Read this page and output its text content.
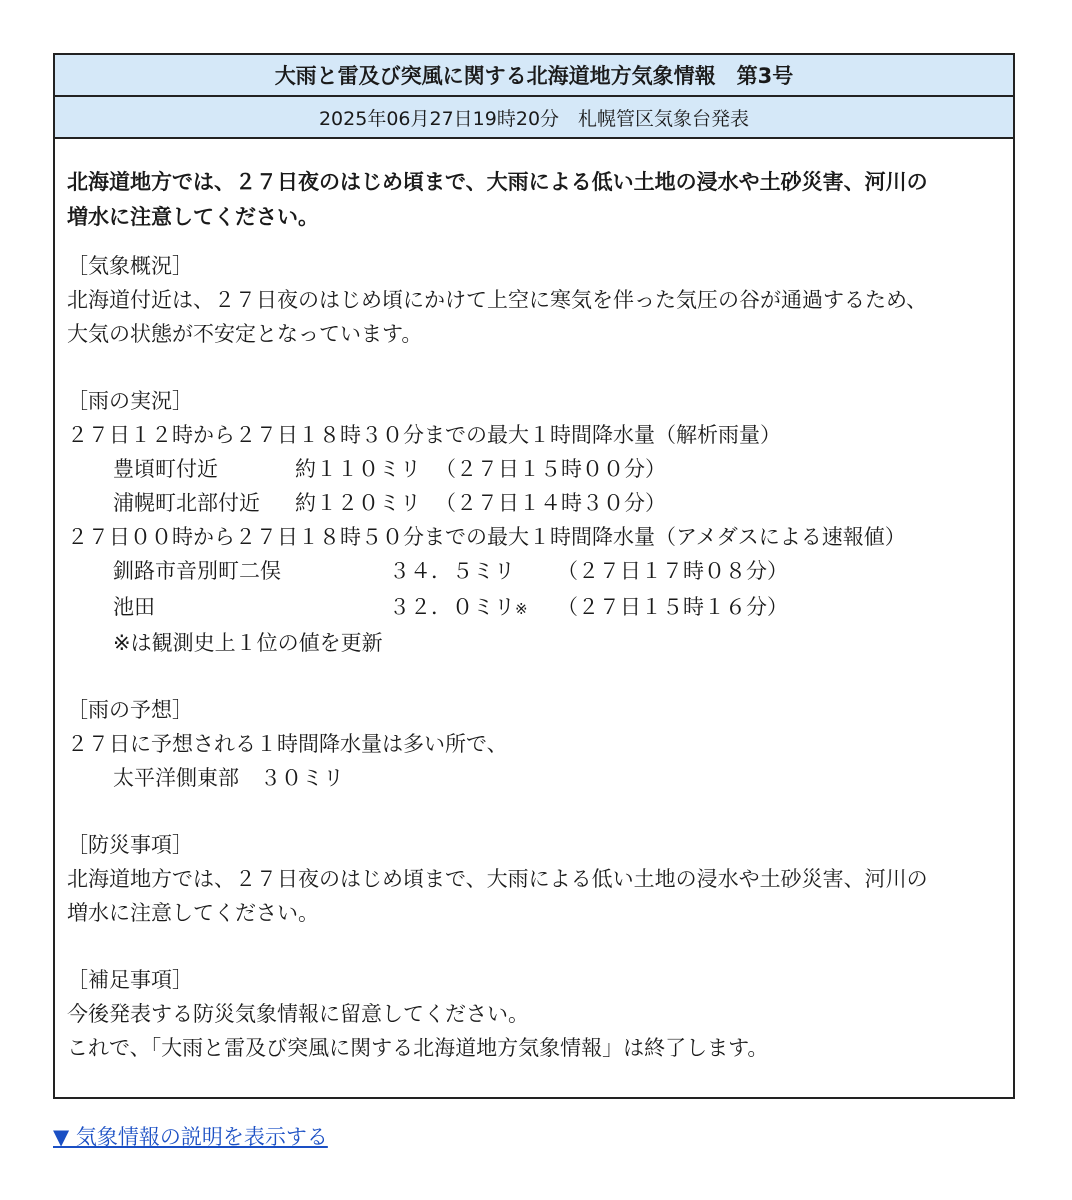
大雨と雷及び突風に関する北海道地方気象情報　第3号
2025年06月27日19時20分　札幌管区気象台発表
北海道地方では、２７日夜のはじめ頃まで、大雨による低い土地の浸水や土砂災害、河川の
増水に注意してください。
［気象概況］
北海道付近は、２７日夜のはじめ頃にかけて上空に寒気を伴った気圧の谷が通過するため、
大気の状態が不安定となっています。
［雨の実況］
２７日１２時から２７日１８時３０分までの最大１時間降水量（解析雨量）
豊頃町付近	約１１０ミリ （２７日１５時００分）
浦幌町北部付近	約１２０ミリ （２７日１４時３０分）
２７日００時から２７日１８時５０分までの最大１時間降水量（アメダスによる速報値）
釧路市音別町二俣	３４．５ミリ	（２７日１７時０８分）
池田	３２．０ミリ※	（２７日１５時１６分）
※は観測史上１位の値を更新
［雨の予想］
２７日に予想される１時間降水量は多い所で、
太平洋側東部　３０ミリ
［防災事項］
北海道地方では、２７日夜のはじめ頃まで、大雨による低い土地の浸水や土砂災害、河川の
増水に注意してください。
［補足事項］
今後発表する防災気象情報に留意してください。
これで、「大雨と雷及び突風に関する北海道地方気象情報」は終了します。
▼ 気象情報の説明を表示する
